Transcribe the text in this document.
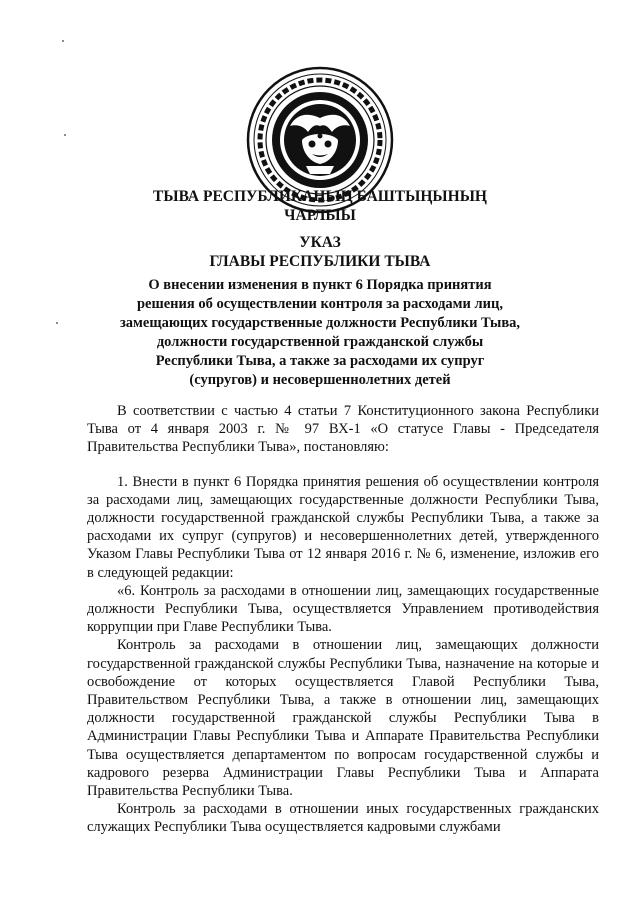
ТЫВА РЕСПУБЛИКАНЫҢ БАШТЫҢЫНЫҢ

ЧАРЛЫЫ

УКАЗ

ГЛАВЫ РЕСПУБЛИКИ ТЫВА

О внесении изменения в пункт 6 Порядка принятия
решения об осуществлении контроля за расходами лиц,
замещающих государственные должности Республики Тыва,
должности государственной гражданской службы
Республики Тыва, а также за расходами их супруг
(супругов) и несовершеннолетних детей

В соответствии с частью 4 статьи 7 Конституционного закона Республики Тыва от 4 января 2003 г. № 97 ВХ-1 «О статусе Главы - Председателя Правительства Республики Тыва», постановляю:

1. Внести в пункт 6 Порядка принятия решения об осуществлении контроля за расходами лиц, замещающих государственные должности Республики Тыва, должности государственной гражданской службы Республики Тыва, а также за расходами их супруг (супругов) и несовершеннолетних детей, утвержденного Указом Главы Республики Тыва от 12 января 2016 г. № 6, изменение, изложив его в следующей редакции:

«6. Контроль за расходами в отношении лиц, замещающих государственные должности Республики Тыва, осуществляется Управлением противодействия коррупции при Главе Республики Тыва.

Контроль за расходами в отношении лиц, замещающих должности государственной гражданской службы Республики Тыва, назначение на которые и освобождение от которых осуществляется Главой Республики Тыва, Правительством Республики Тыва, а также в отношении лиц, замещающих должности государственной гражданской службы Республики Тыва в Администрации Главы Республики Тыва и Аппарате Правительства Республики Тыва осуществляется департаментом по вопросам государственной службы и кадрового резерва Администрации Главы Республики Тыва и Аппарата Правительства Республики Тыва.

Контроль за расходами в отношении иных государственных гражданских служащих Республики Тыва осуществляется кадровыми службами
